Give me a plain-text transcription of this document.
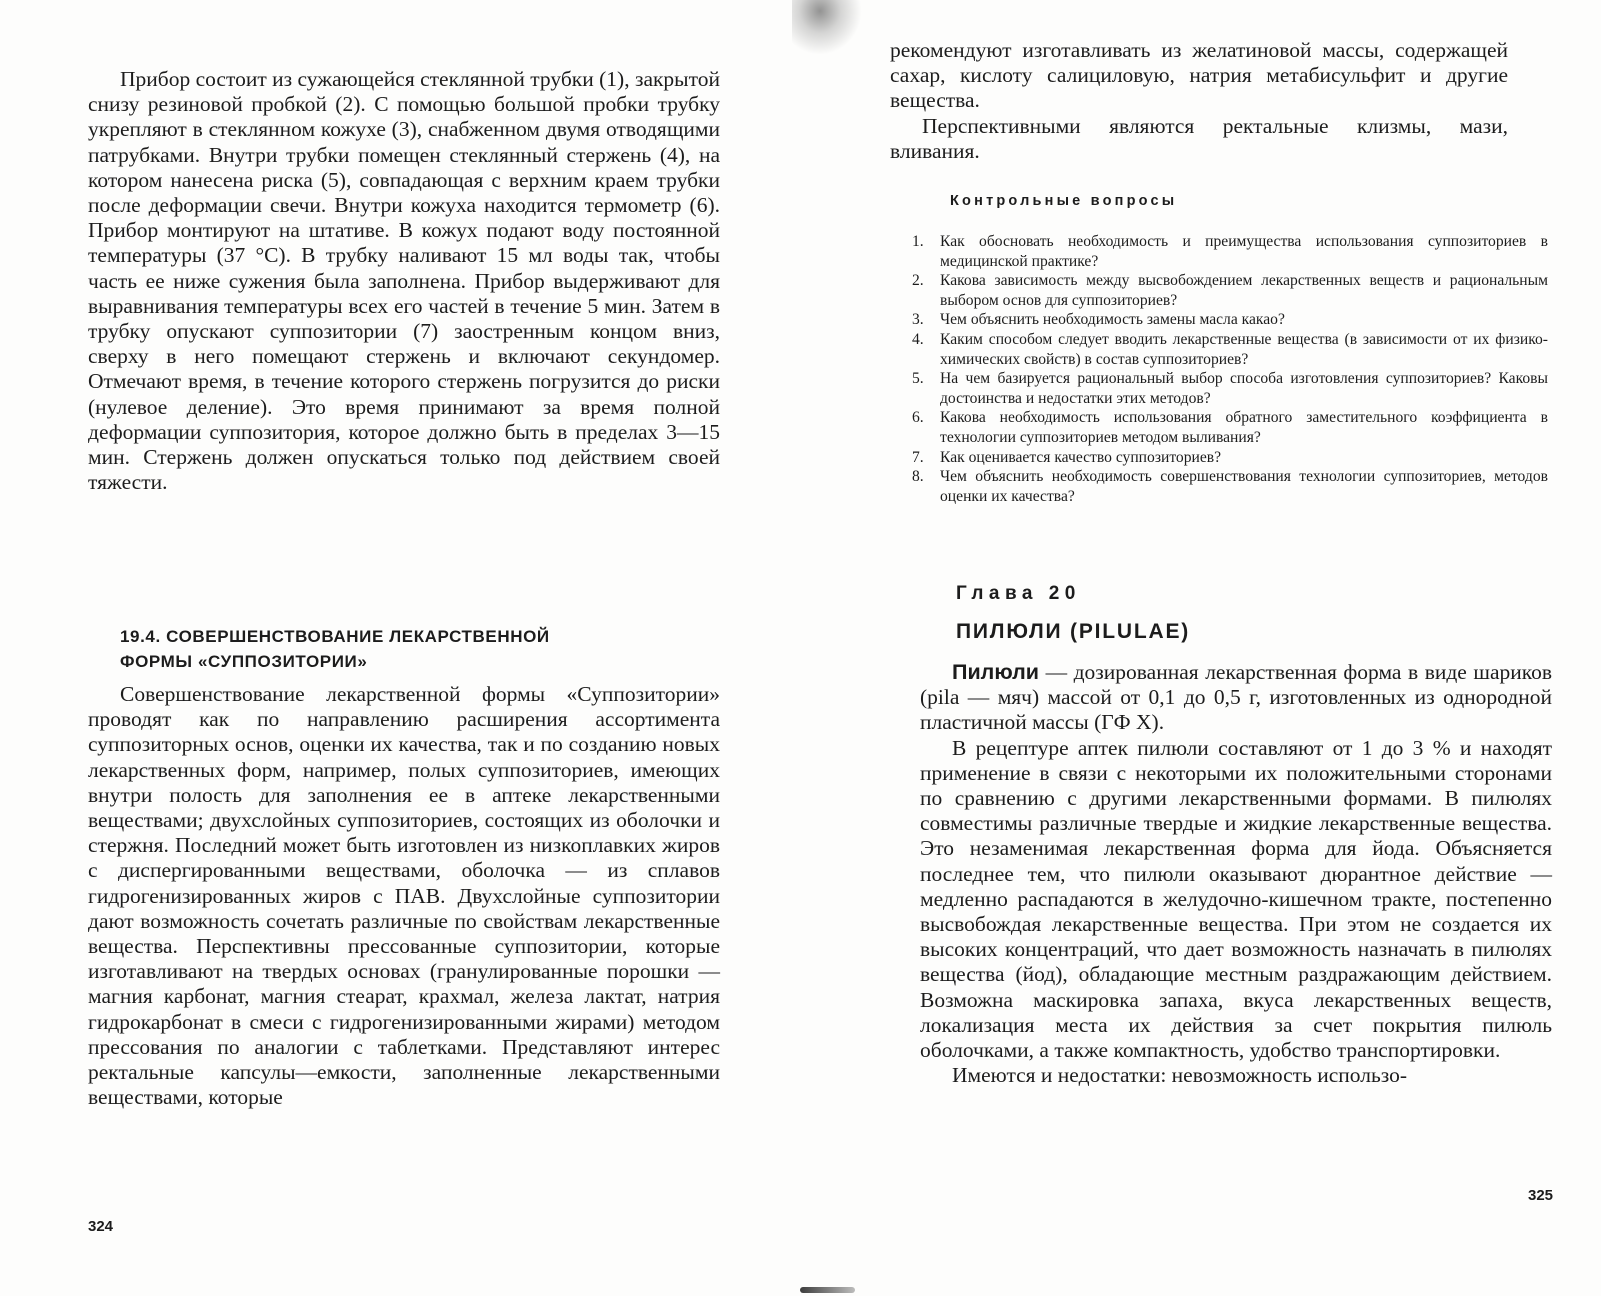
Прибор состоит из сужающейся стеклянной трубки (1), закрытой снизу резиновой пробкой (2). С помощью большой пробки трубку укрепляют в стеклянном кожухе (3), снабженном двумя отводящими патрубками. Внутри трубки помещен стеклянный стержень (4), на котором нанесена риска (5), совпадающая с верхним краем трубки после деформации свечи. Внутри кожуха находится термометр (6). Прибор монтируют на штативе. В кожух подают воду постоянной температуры (37 °С). В трубку наливают 15 мл воды так, чтобы часть ее ниже сужения была заполнена. Прибор выдерживают для выравнивания температуры всех его частей в течение 5 мин. Затем в трубку опускают суппозитории (7) заостренным концом вниз, сверху в него помещают стержень и включают секундомер. Отмечают время, в течение которого стержень погрузится до риски (нулевое деление). Это время принимают за время полной деформации суппозитория, которое должно быть в пределах 3—15 мин. Стержень должен опускаться только под действием своей тяжести.

19.4. СОВЕРШЕНСТВОВАНИЕ ЛЕКАРСТВЕННОЙ
ФОРМЫ «СУППОЗИТОРИИ»

Совершенствование лекарственной формы «Суппозитории» проводят как по направлению расширения ассортимента суппозиторных основ, оценки их качества, так и по созданию новых лекарственных форм, например, полых суппозиториев, имеющих внутри полость для заполнения ее в аптеке лекарственными веществами; двухслойных суппозиториев, состоящих из оболочки и стержня. Последний может быть изготовлен из низкоплавких жиров с диспергированными веществами, оболочка — из сплавов гидрогенизированных жиров с ПАВ. Двухслойные суппозитории дают возможность сочетать различные по свойствам лекарственные вещества. Перспективны прессованные суппозитории, которые изготавливают на твердых основах (гранулированные порошки — магния карбонат, магния стеарат, крахмал, железа лактат, натрия гидрокарбонат в смеси с гидрогенизированными жирами) методом прессования по аналогии с таблетками. Представляют интерес ректальные капсулы—емкости, заполненные лекарственными веществами, которые

324

рекомендуют изготавливать из желатиновой массы, содержащей сахар, кислоту салициловую, натрия метабисульфит и другие вещества.

Перспективными являются ректальные клизмы, мази, вливания.

Контрольные вопросы
1.	Как обосновать необходимость и преимущества использования суппозиториев в медицинской практике?
2.	Какова зависимость между высвобождением лекарственных веществ и рациональным выбором основ для суппозиториев?
3.	Чем объяснить необходимость замены масла какао?
4.	Каким способом следует вводить лекарственные вещества (в зависимости от их физико-химических свойств) в состав суппозиториев?
5.	На чем базируется рациональный выбор способа изготовления суппозиториев? Каковы достоинства и недостатки этих методов?
6.	Какова необходимость использования обратного заместительного коэффициента в технологии суппозиториев методом выливания?
7.	Как оценивается качество суппозиториев?
8.	Чем объяснить необходимость совершенствования технологии суппозиториев, методов оценки их качества?
Глава 20
ПИЛЮЛИ (PILULAE)

Пилюли — дозированная лекарственная форма в виде шариков (pila — мяч) массой от 0,1 до 0,5 г, изготовленных из однородной пластичной массы (ГФ X).

В рецептуре аптек пилюли составляют от 1 до 3 % и находят применение в связи с некоторыми их положительными сторонами по сравнению с другими лекарственными формами. В пилюлях совместимы различные твердые и жидкие лекарственные вещества. Это незаменимая лекарственная форма для йода. Объясняется последнее тем, что пилюли оказывают дюрантное действие — медленно распадаются в желудочно-кишечном тракте, постепенно высвобождая лекарственные вещества. При этом не создается их высоких концентраций, что дает возможность назначать в пилюлях вещества (йод), обладающие местным раздражающим действием. Возможна маскировка запаха, вкуса лекарственных веществ, локализация места их действия за счет покрытия пилюль оболочками, а также компактность, удобство транспортировки.

Имеются и недостатки: невозможность использо-

325
